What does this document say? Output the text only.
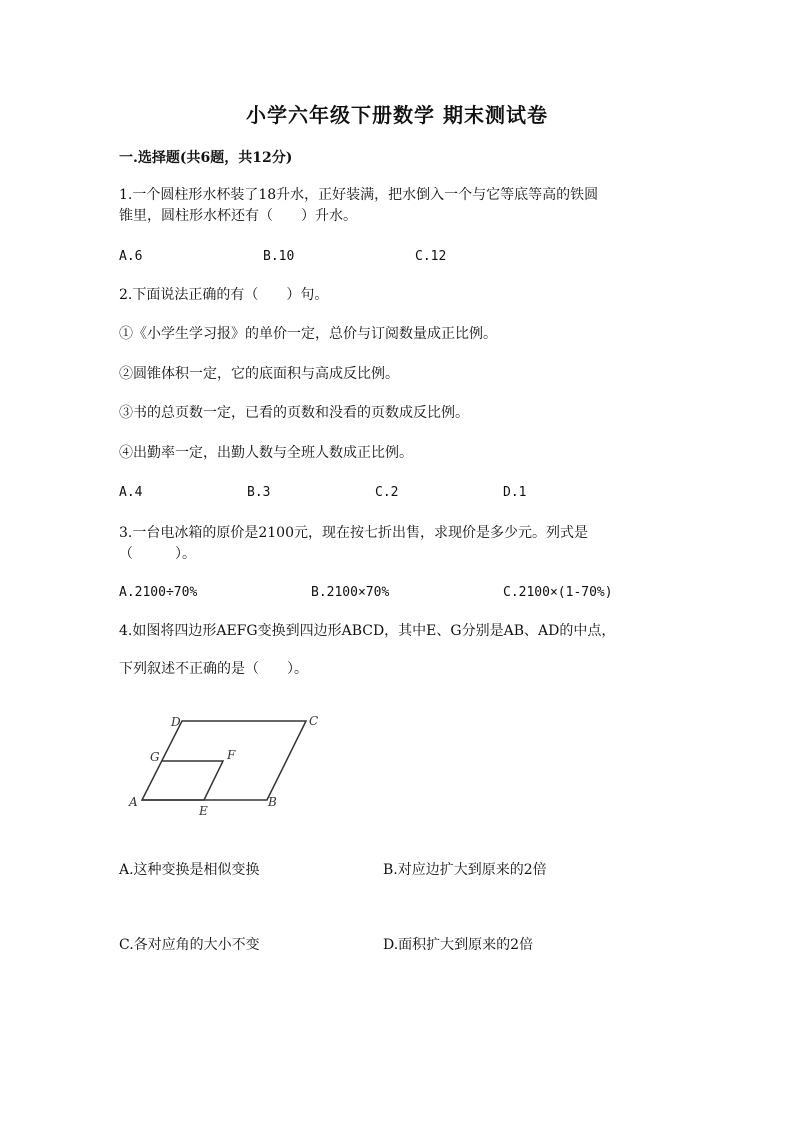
小学六年级下册数学 期末测试卷
一.选择题(共6题，共12分)
1.一个圆柱形水杯装了18升水，正好装满，把水倒入一个与它等底等高的铁圆
锥里，圆柱形水杯还有（　　）升水。
A.6	B.10	C.12
2.下面说法正确的有（　　）句。
①《小学生学习报》的单价一定，总价与订阅数量成正比例。
②圆锥体积一定，它的底面积与高成反比例。
③书的总页数一定，已看的页数和没看的页数成反比例。
④出勤率一定，出勤人数与全班人数成正比例。
A.4	B.3	C.2	D.1
3.一台电冰箱的原价是2100元，现在按七折出售，求现价是多少元。列式是
（　　　）。
A.2100÷70%	B.2100×70%	C.2100×(1-70%)
4.如图将四边形AEFG变换到四边形ABCD，其中E、G分别是AB、AD的中点，
下列叙述不正确的是（　　）。
D	C
G	F
A
E
B
A.这种变换是相似变换	B.对应边扩大到原来的2倍
C.各对应角的大小不变	D.面积扩大到原来的2倍
